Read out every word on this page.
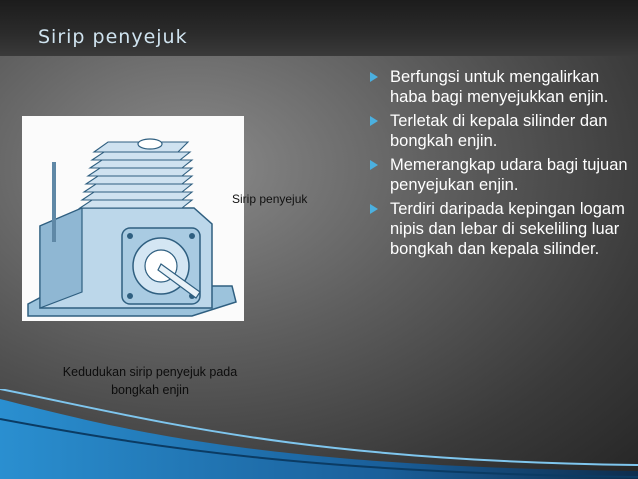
Sirip penyejuk
Sirip penyejuk
Kedudukan sirip penyejuk pada
bongkah enjin
Berfungsi untuk mengalirkan haba bagi menyejukkan enjin.
Terletak di kepala silinder dan bongkah enjin.
Memerangkap udara bagi tujuan penyejukan enjin.
Terdiri daripada kepingan logam nipis dan lebar di sekeliling luar bongkah dan kepala silinder.
